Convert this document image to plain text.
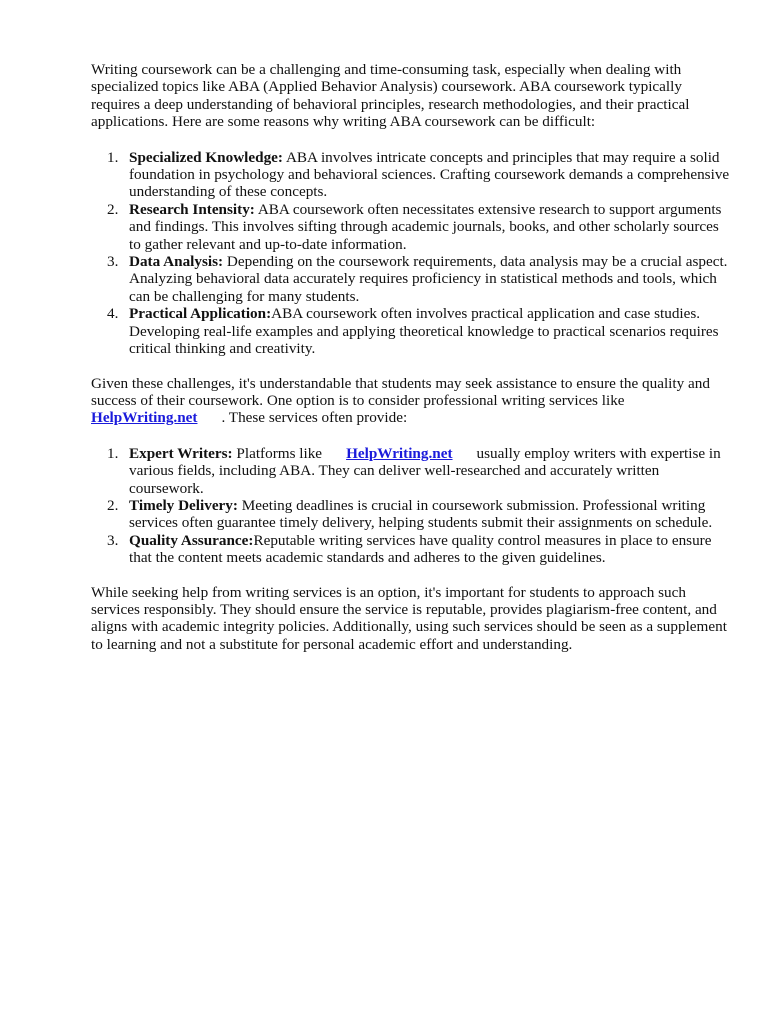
Writing coursework can be a challenging and time-consuming task, especially when dealing with specialized topics like ABA (Applied Behavior Analysis) coursework. ABA coursework typically requires a deep understanding of behavioral principles, research methodologies, and their practical applications. Here are some reasons why writing ABA coursework can be difficult:

1. Specialized Knowledge: ABA involves intricate concepts and principles that may require a solid foundation in psychology and behavioral sciences. Crafting coursework demands a comprehensive understanding of these concepts.
2. Research Intensity: ABA coursework often necessitates extensive research to support arguments and findings. This involves sifting through academic journals, books, and other scholarly sources to gather relevant and up-to-date information.
3. Data Analysis: Depending on the coursework requirements, data analysis may be a crucial aspect. Analyzing behavioral data accurately requires proficiency in statistical methods and tools, which can be challenging for many students.
4. Practical Application:ABA coursework often involves practical application and case studies. Developing real-life examples and applying theoretical knowledge to practical scenarios requires critical thinking and creativity.

Given these challenges, it's understandable that students may seek assistance to ensure the quality and success of their coursework. One option is to consider professional writing services like HelpWriting.net . These services often provide:

1. Expert Writers: Platforms like HelpWriting.net usually employ writers with expertise in various fields, including ABA. They can deliver well-researched and accurately written coursework.
2. Timely Delivery: Meeting deadlines is crucial in coursework submission. Professional writing services often guarantee timely delivery, helping students submit their assignments on schedule.
3. Quality Assurance:Reputable writing services have quality control measures in place to ensure that the content meets academic standards and adheres to the given guidelines.

While seeking help from writing services is an option, it's important for students to approach such services responsibly. They should ensure the service is reputable, provides plagiarism-free content, and aligns with academic integrity policies. Additionally, using such services should be seen as a supplement to learning and not a substitute for personal academic effort and understanding.
